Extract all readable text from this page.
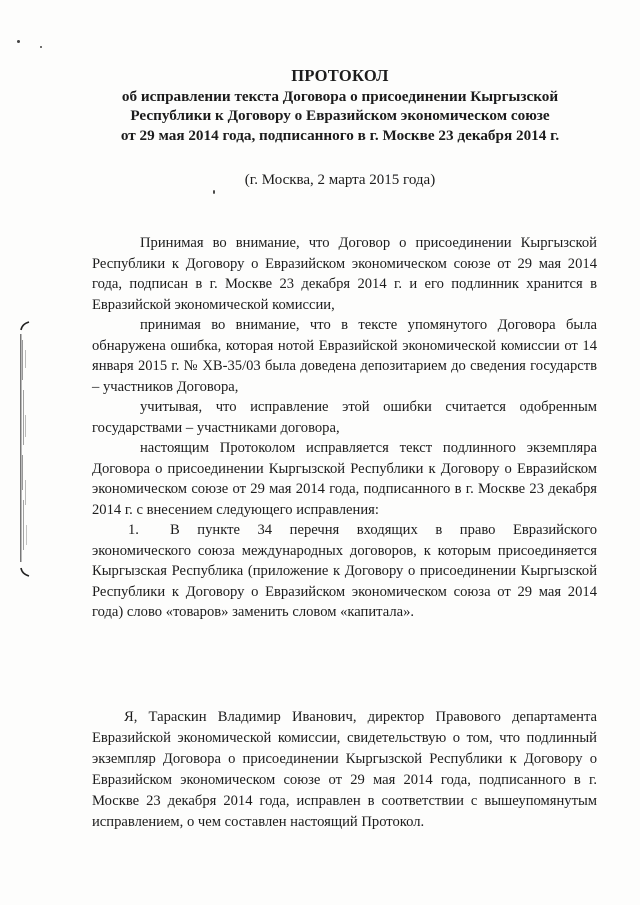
ПРОТОКОЛ
об исправлении текста Договора о присоединении Кыргызской
Республики к Договору о Евразийском экономическом союзе
от 29 мая 2014 года, подписанного в г. Москве 23 декабря 2014 г.
(г. Москва, 2 марта 2015 года)

Принимая во внимание, что Договор о присоединении Кыргызской Республики к Договору о Евразийском экономическом союзе от 29 мая 2014 года, подписан в г. Москве 23 декабря 2014 г. и его подлинник хранится в Евразийской экономической комиссии,

принимая во внимание, что в тексте упомянутого Договора была обнаружена ошибка, которая нотой Евразийской экономической комиссии от 14 января 2015 г. № ХВ-35/03 была доведена депозитарием до сведения государств – участников Договора,

учитывая, что исправление этой ошибки считается одобренным государствами – участниками договора,

настоящим Протоколом исправляется текст подлинного экземпляра Договора о присоединении Кыргызской Республики к Договору о Евразийском экономическом союзе от 29 мая 2014 года, подписанного в г. Москве 23 декабря 2014 г. с внесением следующего исправления:

1. В пункте 34 перечня входящих в право Евразийского
экономического союза международных договоров, к которым присоединяется Кыргызская Республика (приложение к Договору о присоединении Кыргызской Республики к Договору о Евразийском экономическом союза от 29 мая 2014 года) слово «товаров» заменить словом «капитала».

Я, Тараскин Владимир Иванович, директор Правового департамента Евразийской экономической комиссии, свидетельствую о том, что подлинный экземпляр Договора о присоединении Кыргызской Республики к Договору о Евразийском экономическом союзе от 29 мая 2014 года, подписанного в г. Москве 23 декабря 2014 года, исправлен в соответствии с вышеупомянутым исправлением, о чем составлен настоящий Протокол.
